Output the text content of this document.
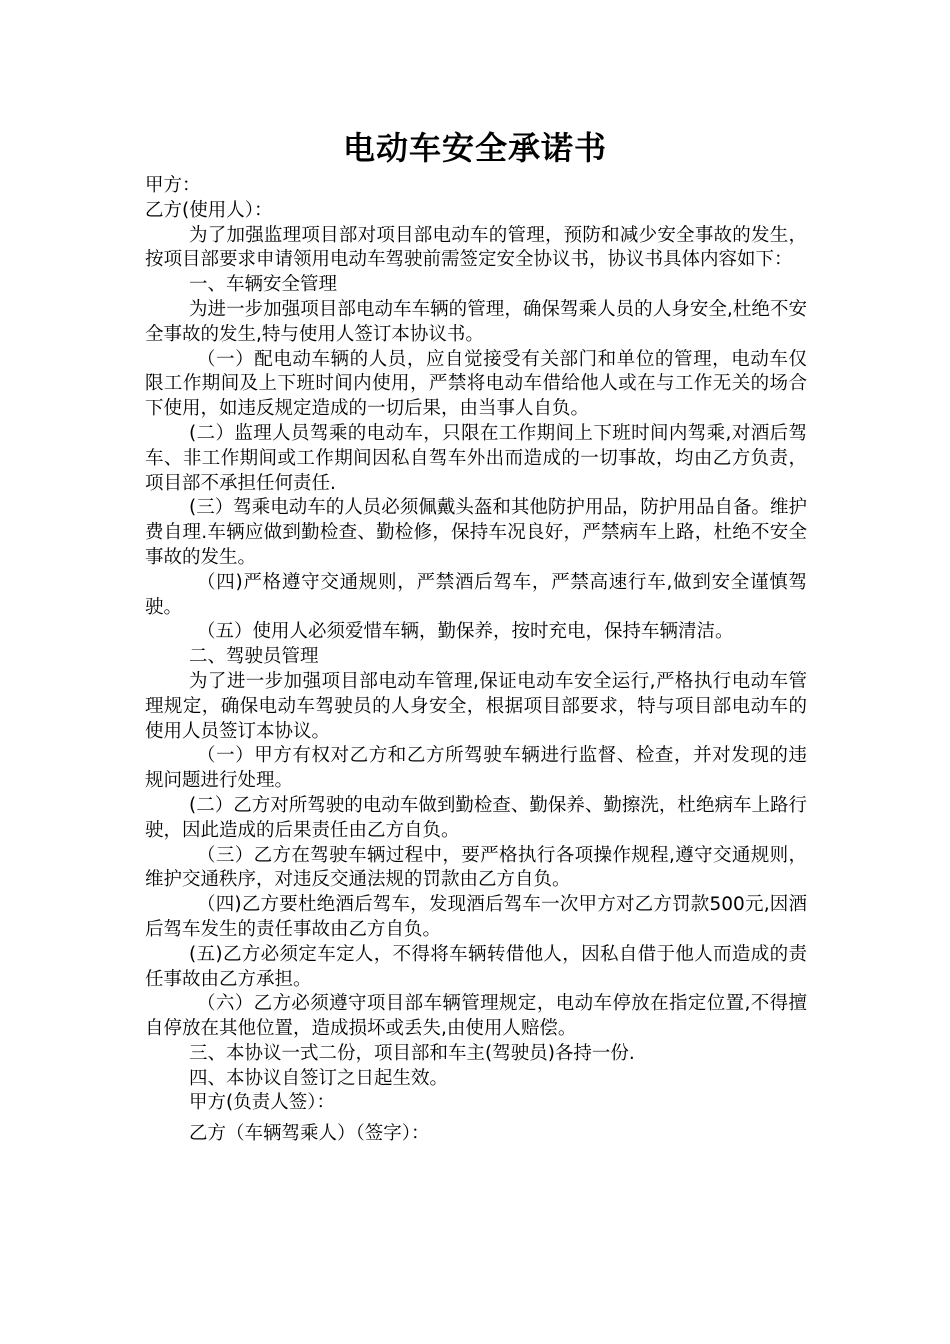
电动车安全承诺书

甲方：

乙方(使用人）：

为了加强监理项目部对项目部电动车的管理，预防和减少安全事故的发生，按项目部要求申请领用电动车驾驶前需签定安全协议书，协议书具体内容如下：

一、车辆安全管理

为进一步加强项目部电动车车辆的管理，确保驾乘人员的人身安全,杜绝不安全事故的发生,特与使用人签订本协议书。

（一）配电动车辆的人员，应自觉接受有关部门和单位的管理，电动车仅限工作期间及上下班时间内使用，严禁将电动车借给他人或在与工作无关的场合下使用，如违反规定造成的一切后果，由当事人自负。

(二）监理人员驾乘的电动车，只限在工作期间上下班时间内驾乘,对酒后驾车、非工作期间或工作期间因私自驾车外出而造成的一切事故，均由乙方负责，项目部不承担任何责任.

(三）驾乘电动车的人员必须佩戴头盔和其他防护用品，防护用品自备。维护费自理.车辆应做到勤检查、勤检修，保持车况良好，严禁病车上路，杜绝不安全事故的发生。

（四)严格遵守交通规则，严禁酒后驾车，严禁高速行车,做到安全谨慎驾驶。

（五）使用人必须爱惜车辆，勤保养，按时充电，保持车辆清洁。

二、驾驶员管理

为了进一步加强项目部电动车管理,保证电动车安全运行,严格执行电动车管理规定，确保电动车驾驶员的人身安全，根据项目部要求，特与项目部电动车的使用人员签订本协议。

（一）甲方有权对乙方和乙方所驾驶车辆进行监督、检查，并对发现的违规问题进行处理。

(二）乙方对所驾驶的电动车做到勤检查、勤保养、勤擦洗，杜绝病车上路行驶，因此造成的后果责任由乙方自负。

（三）乙方在驾驶车辆过程中，要严格执行各项操作规程,遵守交通规则，维护交通秩序，对违反交通法规的罚款由乙方自负。

（四)乙方要杜绝酒后驾车，发现酒后驾车一次甲方对乙方罚款500元,因酒后驾车发生的责任事故由乙方自负。

(五)乙方必须定车定人，不得将车辆转借他人，因私自借于他人而造成的责任事故由乙方承担。

（六）乙方必须遵守项目部车辆管理规定，电动车停放在指定位置,不得擅自停放在其他位置，造成损坏或丢失,由使用人赔偿。

三、本协议一式二份，项目部和车主(驾驶员)各持一份.

四、本协议自签订之日起生效。

甲方(负责人签）：

乙方（车辆驾乘人）（签字）：
